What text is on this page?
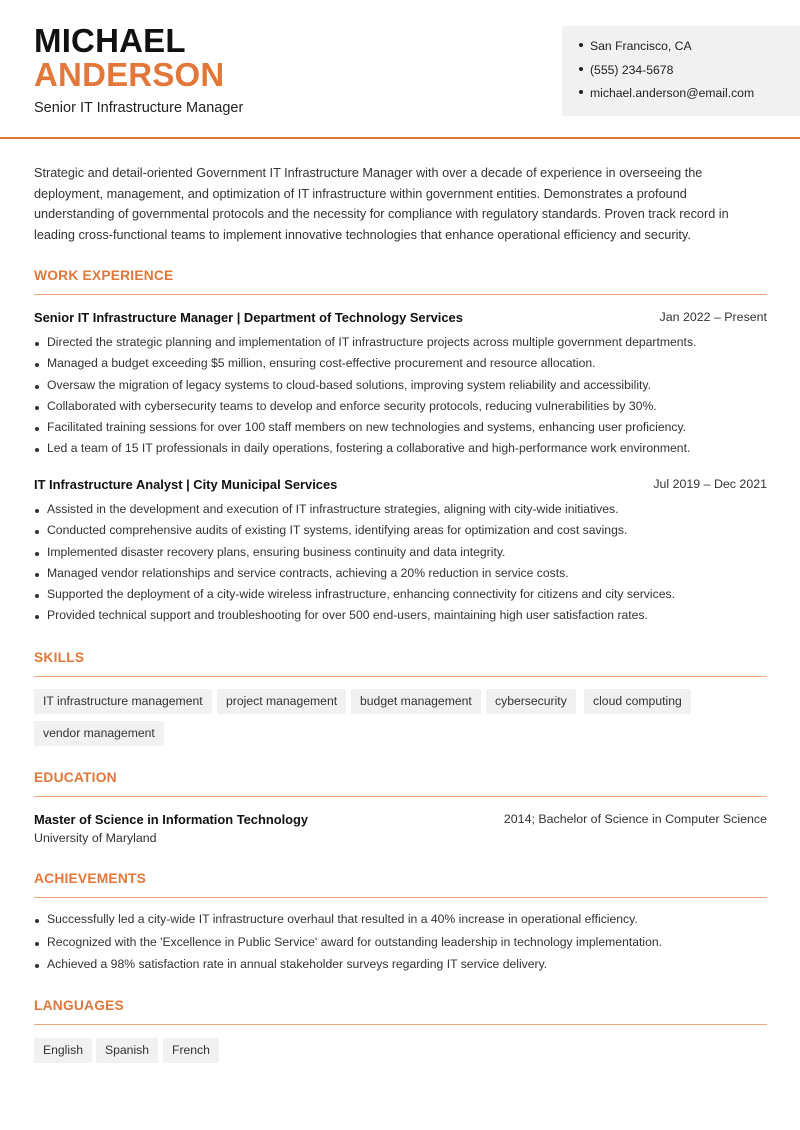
MICHAEL
ANDERSON
Senior IT Infrastructure Manager
San Francisco, CA
(555) 234-5678
michael.anderson@email.com

Strategic and detail-oriented Government IT Infrastructure Manager with over a decade of experience in overseeing the deployment, management, and optimization of IT infrastructure within government entities. Demonstrates a profound understanding of governmental protocols and the necessity for compliance with regulatory standards. Proven track record in leading cross-functional teams to implement innovative technologies that enhance operational efficiency and security.

WORK EXPERIENCE
Senior IT Infrastructure Manager | Department of Technology Services	Jan 2022 – Present
Directed the strategic planning and implementation of IT infrastructure projects across multiple government departments.
Managed a budget exceeding $5 million, ensuring cost-effective procurement and resource allocation.
Oversaw the migration of legacy systems to cloud-based solutions, improving system reliability and accessibility.
Collaborated with cybersecurity teams to develop and enforce security protocols, reducing vulnerabilities by 30%.
Facilitated training sessions for over 100 staff members on new technologies and systems, enhancing user proficiency.
Led a team of 15 IT professionals in daily operations, fostering a collaborative and high-performance work environment.
IT Infrastructure Analyst | City Municipal Services	Jul 2019 – Dec 2021
Assisted in the development and execution of IT infrastructure strategies, aligning with city-wide initiatives.
Conducted comprehensive audits of existing IT systems, identifying areas for optimization and cost savings.
Implemented disaster recovery plans, ensuring business continuity and data integrity.
Managed vendor relationships and service contracts, achieving a 20% reduction in service costs.
Supported the deployment of a city-wide wireless infrastructure, enhancing connectivity for citizens and city services.
Provided technical support and troubleshooting for over 500 end-users, maintaining high user satisfaction rates.
SKILLS
IT infrastructure management	project management	budget management	cybersecurity	cloud computing
vendor management
EDUCATION
Master of Science in Information Technology	2014; Bachelor of Science in Computer Science
University of Maryland
ACHIEVEMENTS
Successfully led a city-wide IT infrastructure overhaul that resulted in a 40% increase in operational efficiency.
Recognized with the 'Excellence in Public Service' award for outstanding leadership in technology implementation.
Achieved a 98% satisfaction rate in annual stakeholder surveys regarding IT service delivery.
LANGUAGES
English	Spanish	French
